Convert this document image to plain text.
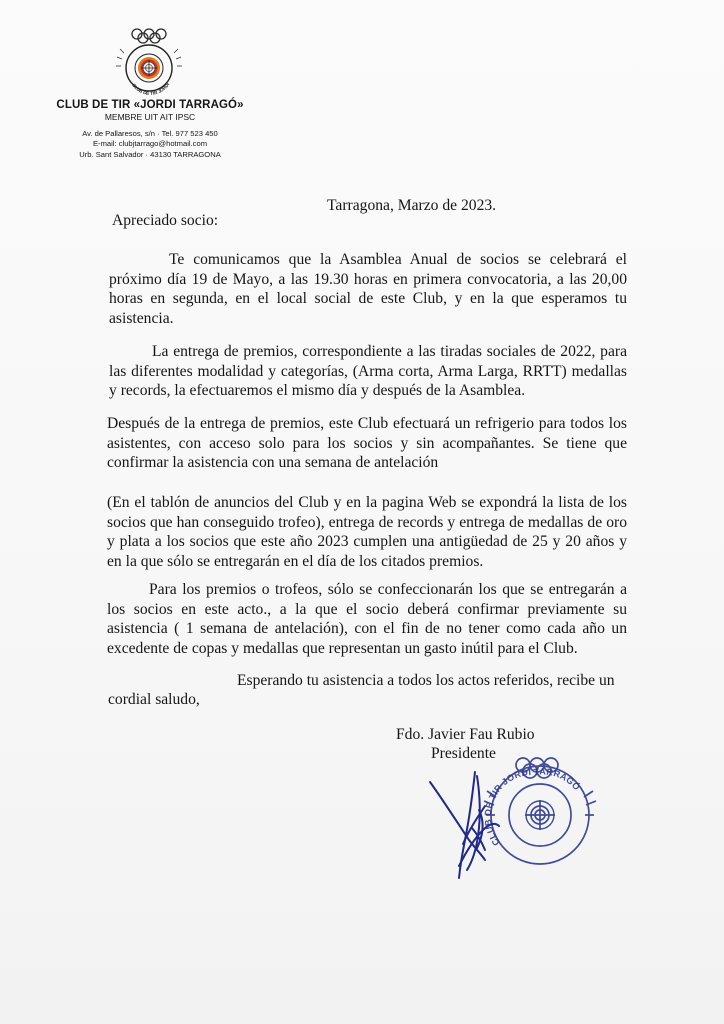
CLUB DE TIR JORDI
CLUB DE TIR «JORDI TARRAGÓ»
MEMBRE UIT AIT IPSC
Av. de Pallaresos, s/n · Tel. 977 523 450
E-mail: clubjtarrago@hotmail.com
Urb. Sant Salvador · 43130 TARRAGONA
Tarragona, Marzo de 2023.
Apreciado socio:
Te comunicamos que la Asamblea Anual de socios se celebrará el próximo día 19 de Mayo, a las 19.30 horas en primera convocatoria, a las 20,00 horas en segunda, en el local social de este Club, y en la que esperamos tu asistencia.
La entrega de premios, correspondiente a las tiradas sociales de 2022, para las diferentes modalidad y categorías, (Arma corta, Arma Larga, RRTT) medallas y records, la efectuaremos el mismo día y después de la Asamblea.
Después de la entrega de premios, este Club efectuará un refrigerio para todos los asistentes, con acceso solo para los socios y sin acompañantes. Se tiene que confirmar la asistencia con una semana de antelación
(En el tablón de anuncios del Club y en la pagina Web se expondrá la lista de los socios que han conseguido trofeo), entrega de records y entrega de medallas de oro y plata a los socios que este año 2023 cumplen una antigüedad de 25 y 20 años y en la que sólo se entregarán en el día de los citados premios.
Para los premios o trofeos, sólo se confeccionarán los que se entregarán a los socios en este acto., a la que el socio deberá confirmar previamente su asistencia ( 1 semana de antelación), con el fin de no tener como cada año un excedente de copas y medallas que representan un gasto inútil para el Club.
Esperando tu asistencia a todos los actos referidos, recibe un
cordial saludo,
Fdo. Javier Fau Rubio
Presidente
CLUB DE TIR JORDI TARRAGÓ
